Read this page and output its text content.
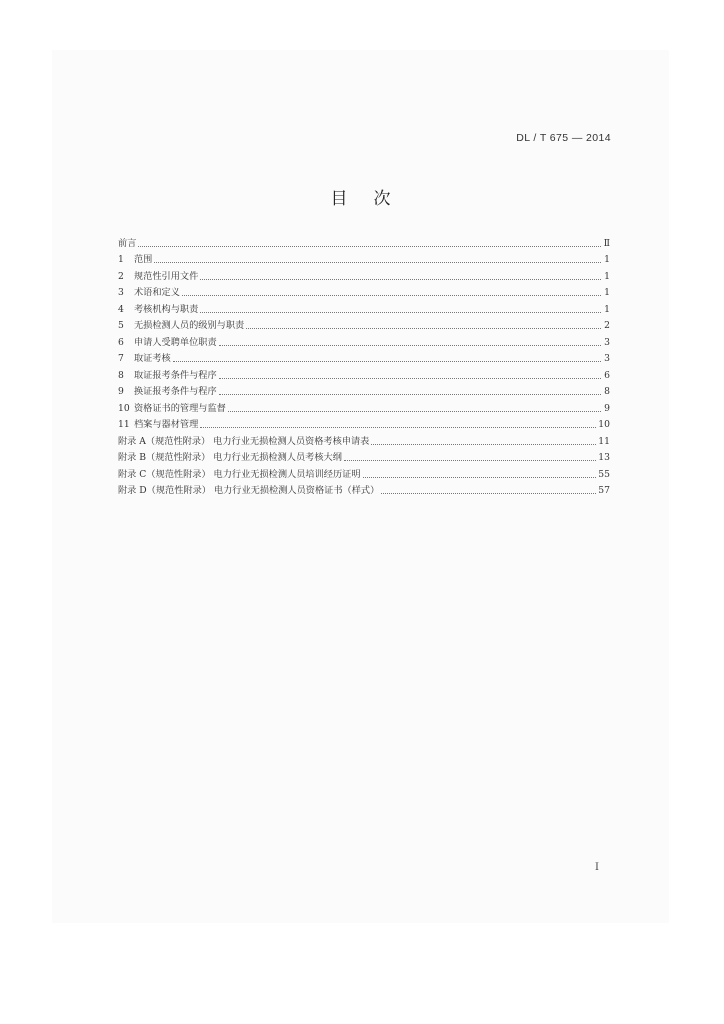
DL / T 675 — 2014
目次
前言	Ⅱ
1	范围	1
2	规范性引用文件	1
3	术语和定义	1
4	考核机构与职责	1
5	无损检测人员的级别与职责	2
6	申请人受聘单位职责	3
7	取证考核	3
8	取证报考条件与程序	6
9	换证报考条件与程序	8
10 资格证书的管理与监督	9
11 档案与器材管理	10
附录 A（规范性附录） 电力行业无损检测人员资格考核申请表	11
附录 B（规范性附录） 电力行业无损检测人员考核大纲	13
附录 C（规范性附录） 电力行业无损检测人员培训经历证明	55
附录 D（规范性附录） 电力行业无损检测人员资格证书（样式）	57
I
